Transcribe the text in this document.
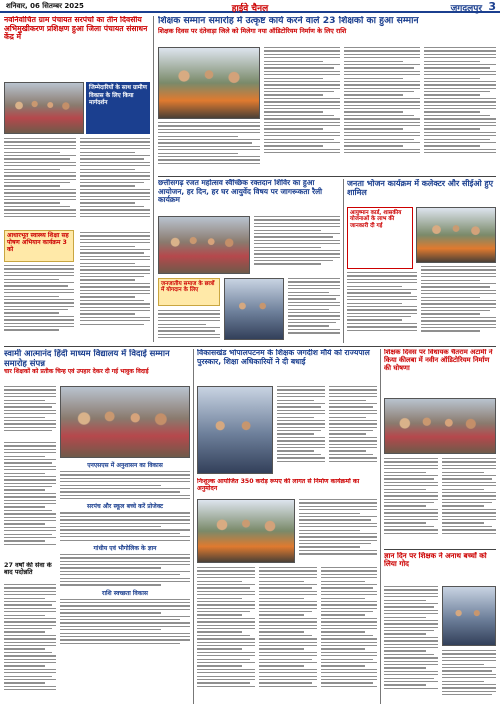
शनिवार, 06 सितम्बर 2025	हाईवे चैनल	जगदलपुर 3
नवनिर्वाचित ग्राम पंचायत सरपंचों का तीन दिवसीय अभिमुखीकरण प्रशिक्षण हुआ जिला पंचायत संसाधन केंद्र में
जिम्मेदारियों के साथ ग्रामीण विकास के लिए किया मार्गदर्शन
आधारभूत स्वास्थ्य शिक्षा सह पोषण अभियान कार्यक्रम 3 को
शिक्षक सम्मान समारोह में उत्कृष्ट कार्य करने वाले 23 शिक्षकों का हुआ सम्मान
शिक्षक दिवस पर दंतेवाड़ा जिले को मिलेगा नया ऑडिटोरियम निर्माण के लिए राशि
छत्तीसगढ़ रजत महोत्सव स्वैच्छिक रक्तदान शिविर का हुआ आयोजन, हर दिन, हर घर आयुर्वेद विषय पर जागरूकता रैली कार्यक्रम
जनजातीय समाज के छात्रों में योगदान के लिए
जनता भोजन कार्यक्रम में कलेक्टर और सीईओ हुए शामिल
आयुष्मान कार्ड, शासकीय योजनाओं के लाभ की जानकारी दी गई
स्वामी आत्मानंद हिंदी माध्यम विद्यालय में विदाई सम्मान समारोह संपन्न
चार शिक्षकों को प्रतीक चिन्ह एवं उपहार देकर दी गई भावुक विदाई
27 वर्षों की सेवा के बाद पदोन्नति
एनएसएस में अनुशासन का विकास
सरपंच और स्कूल बच्चे करें प्रोजेक्ट
गांधीय एवं भौगोलिक के ज्ञान
राशि स्वच्छता विकास
विकासखंड भोपालपटनम के शिक्षक जगदीश मौर्य को राज्यपाल पुरस्कार, शिक्षा अधिकारियों ने दी बधाई
निःशुल्क आयोजित 350 करोड़ रूपए की लागत से निर्माण कार्यक्रमों का अनुमोदन
शिक्षक दिवस पर विधायक चैतराम अटामी ने किया कीलबा में नवीन ऑडिटोरियम निर्माण की घोषणा
ज्ञान दिन पर शिक्षक ने अनाथ बच्चों को लिया गोद
